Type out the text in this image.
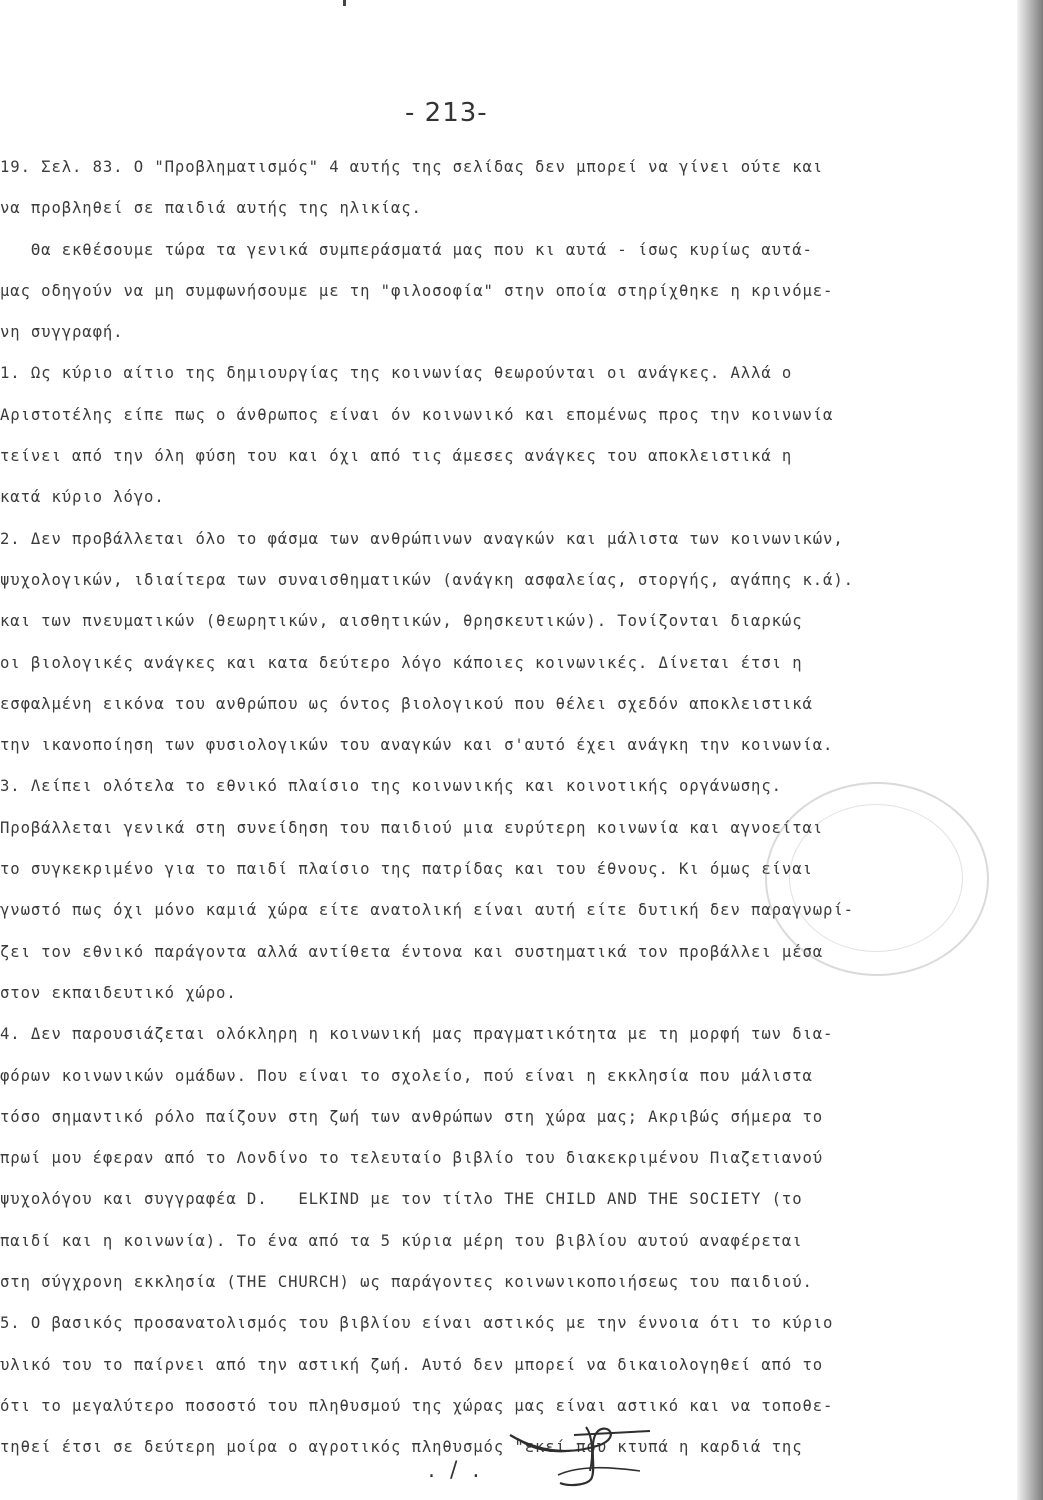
- 213-
19. Σελ. 83. Ο "Προβληματισμός" 4 αυτής της σελίδας δεν μπορεί να γίνει ούτε και
να προβληθεί σε παιδιά αυτής της ηλικίας.
Θα εκθέσουμε τώρα τα γενικά συμπεράσματά μας που κι αυτά - ίσως κυρίως αυτά-
μας οδηγούν να μη συμφωνήσουμε με τη "φιλοσοφία" στην οποία στηρίχθηκε η κρινόμε-
νη συγγραφή.
1. Ως κύριο αίτιο της δημιουργίας της κοινωνίας θεωρούνται οι ανάγκες. Αλλά ο
Αριστοτέλης είπε πως ο άνθρωπος είναι όν κοινωνικό και επομένως προς την κοινωνία
τείνει από την όλη φύση του και όχι από τις άμεσες ανάγκες του αποκλειστικά η
κατά κύριο λόγο.
2. Δεν προβάλλεται όλο το φάσμα των ανθρώπινων αναγκών και μάλιστα των κοινωνικών,
ψυχολογικών, ιδιαίτερα των συναισθηματικών (ανάγκη ασφαλείας, στοργής, αγάπης κ.ά).
και των πνευματικών (θεωρητικών, αισθητικών, θρησκευτικών). Τονίζονται διαρκώς
οι βιολογικές ανάγκες και κατα δεύτερο λόγο κάποιες κοινωνικές. Δίνεται έτσι η
εσφαλμένη εικόνα του ανθρώπου ως όντος βιολογικού που θέλει σχεδόν αποκλειστικά
την ικανοποίηση των φυσιολογικών του αναγκών και σ'αυτό έχει ανάγκη την κοινωνία.
3. Λείπει ολότελα το εθνικό πλαίσιο της κοινωνικής και κοινοτικής οργάνωσης.
Προβάλλεται γενικά στη συνείδηση του παιδιού μια ευρύτερη κοινωνία και αγνοείται
το συγκεκριμένο για το παιδί πλαίσιο της πατρίδας και του έθνους. Κι όμως είναι
γνωστό πως όχι μόνο καμιά χώρα είτε ανατολική είναι αυτή είτε δυτική δεν παραγνωρί-
ζει τον εθνικό παράγοντα αλλά αντίθετα έντονα και συστηματικά τον προβάλλει μέσα
στον εκπαιδευτικό χώρο.
4. Δεν παρουσιάζεται ολόκληρη η κοινωνική μας πραγματικότητα με τη μορφή των δια-
φόρων κοινωνικών ομάδων. Που είναι το σχολείο, πού είναι η εκκλησία που μάλιστα
τόσο σημαντικό ρόλο παίζουν στη ζωή των ανθρώπων στη χώρα μας; Ακριβώς σήμερα το
πρωί μου έφεραν από το Λονδίνο το τελευταίο βιβλίο του διακεκριμένου Πιαζετιανού
ψυχολόγου και συγγραφέα D.   ELKIND με τον τίτλο THE CHILD AND THE SOCIETY (το
παιδί και η κοινωνία). Το ένα από τα 5 κύρια μέρη του βιβλίου αυτού αναφέρεται
στη σύγχρονη εκκλησία (THE CHURCH) ως παράγοντες κοινωνικοποιήσεως του παιδιού.
5. Ο βασικός προσανατολισμός του βιβλίου είναι αστικός με την έννοια ότι το κύριο
υλικό του το παίρνει από την αστική ζωή. Αυτό δεν μπορεί να δικαιολογηθεί από το
ότι το μεγαλύτερο ποσοστό του πληθυσμού της χώρας μας είναι αστικό και να τοποθε-
τηθεί έτσι σε δεύτερη μοίρα ο αγροτικός πληθυσμός "εκεί που κτυπά η καρδιά της
. / .
